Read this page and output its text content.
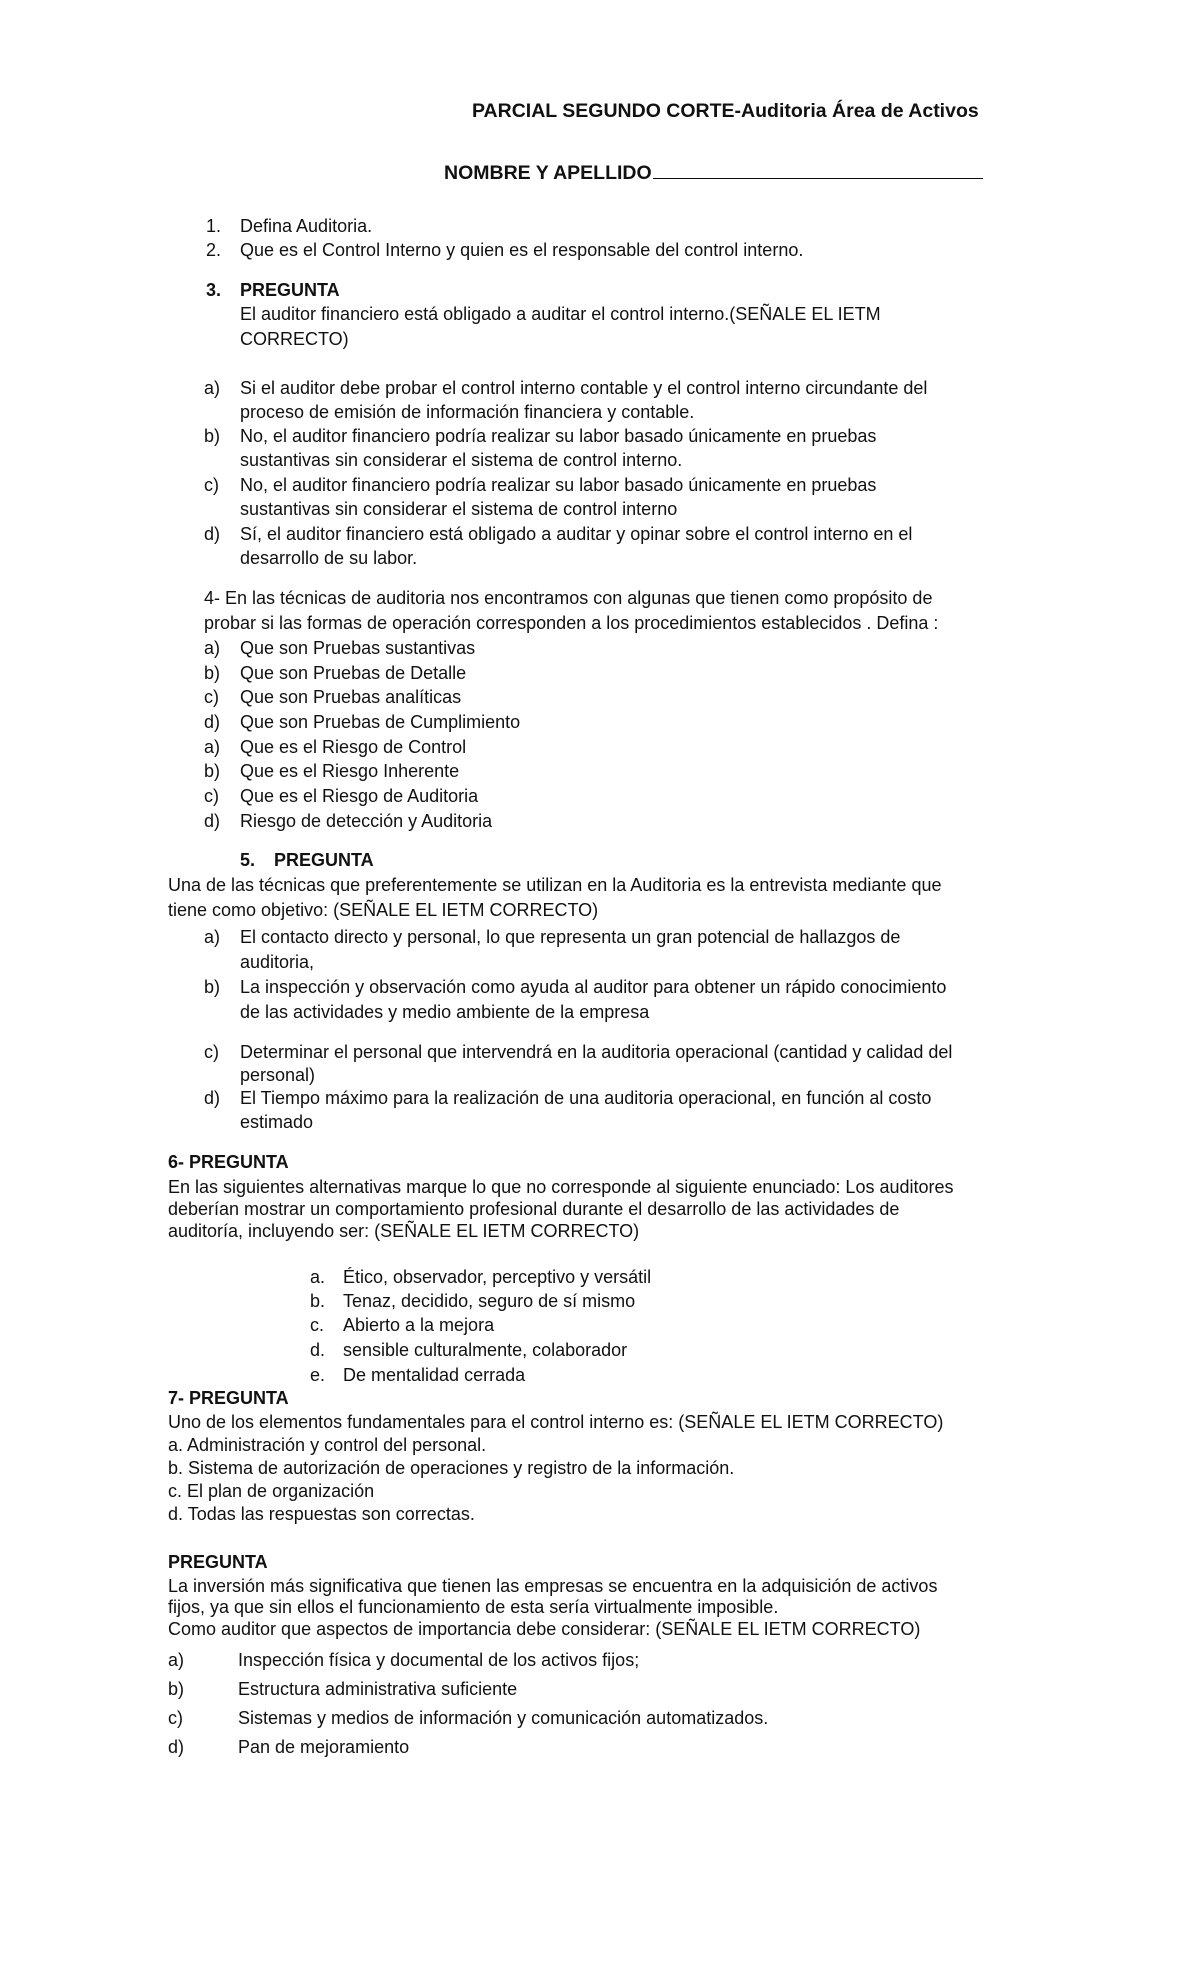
PARCIAL SEGUNDO CORTE-Auditoria Área de Activos
NOMBRE Y APELLIDO
1. Defina Auditoria.
2. Que es el Control Interno y quien es el responsable del control interno.
3. PREGUNTA
El auditor financiero está obligado a auditar el control interno.(SEÑALE EL IETM
CORRECTO)
a) Si el auditor debe probar el control interno contable y el control interno circundante del
proceso de emisión de información financiera y contable.
b) No, el auditor financiero podría realizar su labor basado únicamente en pruebas
sustantivas sin considerar el sistema de control interno.
c) No, el auditor financiero podría realizar su labor basado únicamente en pruebas
sustantivas sin considerar el sistema de control interno
d) Sí, el auditor financiero está obligado a auditar y opinar sobre el control interno en el
desarrollo de su labor.
4- En las técnicas de auditoria nos encontramos con algunas que tienen como propósito de
probar si las formas de operación corresponden a los procedimientos establecidos . Defina :
a) Que son Pruebas sustantivas
b) Que son Pruebas de Detalle
c) Que son Pruebas analíticas
d) Que son Pruebas de Cumplimiento
a) Que es el Riesgo de Control
b) Que es el Riesgo Inherente
c) Que es el Riesgo de Auditoria
d) Riesgo de detección y Auditoria
5. PREGUNTA
Una de las técnicas que preferentemente se utilizan en la Auditoria es la entrevista mediante que
tiene como objetivo: (SEÑALE EL IETM CORRECTO)
a) El contacto directo y personal, lo que representa un gran potencial de hallazgos de
auditoria,
b) La inspección y observación como ayuda al auditor para obtener un rápido conocimiento
de las actividades y medio ambiente de la empresa
c) Determinar el personal que intervendrá en la auditoria operacional (cantidad y calidad del
personal)
d) El Tiempo máximo para la realización de una auditoria operacional, en función al costo
estimado
6- PREGUNTA
En las siguientes alternativas marque lo que no corresponde al siguiente enunciado: Los auditores
deberían mostrar un comportamiento profesional durante el desarrollo de las actividades de
auditoría, incluyendo ser: (SEÑALE EL IETM CORRECTO)
a. Ético, observador, perceptivo y versátil
b. Tenaz, decidido, seguro de sí mismo
c. Abierto a la mejora
d. sensible culturalmente, colaborador
e. De mentalidad cerrada
7- PREGUNTA
Uno de los elementos fundamentales para el control interno es: (SEÑALE EL IETM CORRECTO)
a. Administración y control del personal.
b. Sistema de autorización de operaciones y registro de la información.
c. El plan de organización
d. Todas las respuestas son correctas.
PREGUNTA
La inversión más significativa que tienen las empresas se encuentra en la adquisición de activos
fijos, ya que sin ellos el funcionamiento de esta sería virtualmente imposible.
Como auditor que aspectos de importancia debe considerar: (SEÑALE EL IETM CORRECTO)
a)	Inspección física y documental de los activos fijos;
b)	Estructura administrativa suficiente
c)	Sistemas y medios de información y comunicación automatizados.
d)	Pan de mejoramiento
